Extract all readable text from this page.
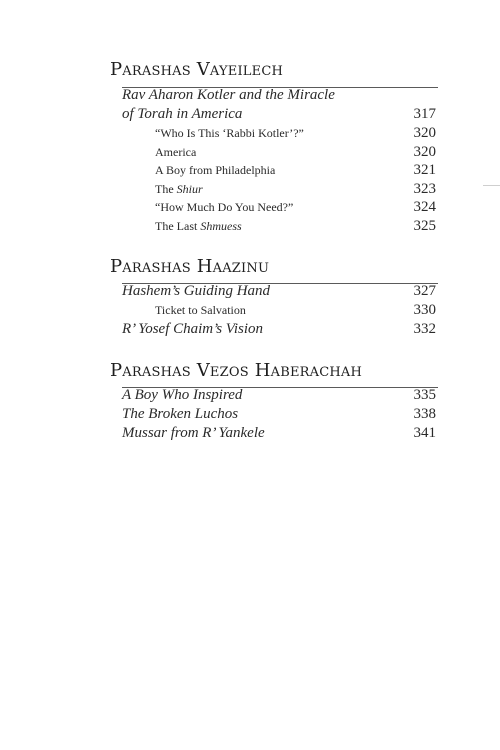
Parashas Vayeilech
Rav Aharon Kotler and the Miracle
of Torah in America	317
“Who Is This ‘Rabbi Kotler’?”	320
America	320
A Boy from Philadelphia	321
The Shiur	323
“How Much Do You Need?”	324
The Last Shmuess	325
Parashas Haazinu
Hashem’s Guiding Hand	327
Ticket to Salvation	330
R’ Yosef Chaim’s Vision	332
Parashas Vezos Haberachah
A Boy Who Inspired	335
The Broken Luchos	338
Mussar from R’ Yankele	341
